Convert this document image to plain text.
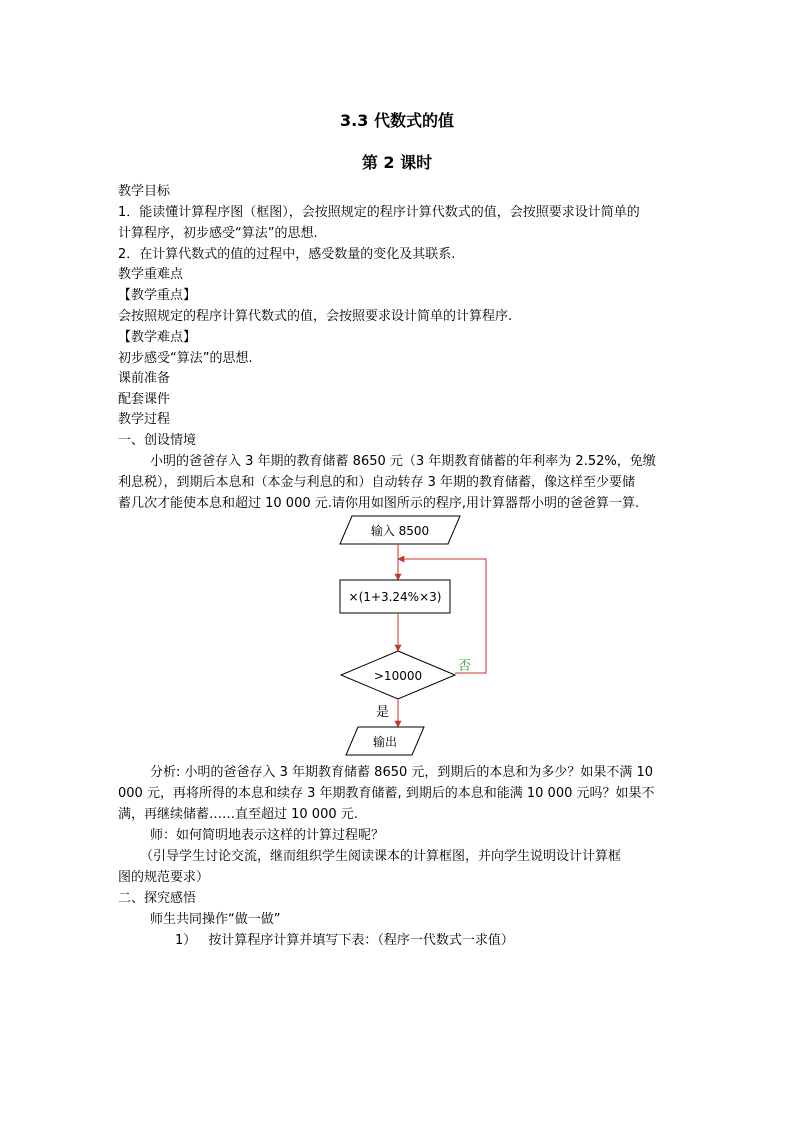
3.3 代数式的值
第 2 课时
教学目标
1．能读懂计算程序图（框图），会按照规定的程序计算代数式的值，会按照要求设计简单的
计算程序，初步感受“算法”的思想.
2．在计算代数式的值的过程中，感受数量的变化及其联系.
教学重难点
【教学重点】
会按照规定的程序计算代数式的值，会按照要求设计简单的计算程序.
【教学难点】
初步感受“算法”的思想.
课前准备
配套课件
教学过程
一、创设情境
小明的爸爸存入 3 年期的教育储蓄 8650 元（3 年期教育储蓄的年利率为 2.52%，免缴
利息税），到期后本息和（本金与利息的和）自动转存 3 年期的教育储蓄，像这样至少要储
蓄几次才能使本息和超过 10 000 元.请你用如图所示的程序,用计算器帮小明的爸爸算一算.
输入 8500
×(1+3.24%×3)
>10000
否
是
输出
分析: 小明的爸爸存入 3 年期教育储蓄 8650 元，到期后的本息和为多少？如果不满 10
000 元，再将所得的本息和续存 3 年期教育储蓄, 到期后的本息和能满 10 000 元吗？如果不
满，再继续储蓄……直至超过 10 000 元.
师：如何简明地表示这样的计算过程呢？
（引导学生讨论交流，继而组织学生阅读课本的计算框图，并向学生说明设计计算框
图的规范要求）
二、探究感悟
师生共同操作“做一做”
1） 按计算程序计算并填写下表：（程序一代数式一求值）
